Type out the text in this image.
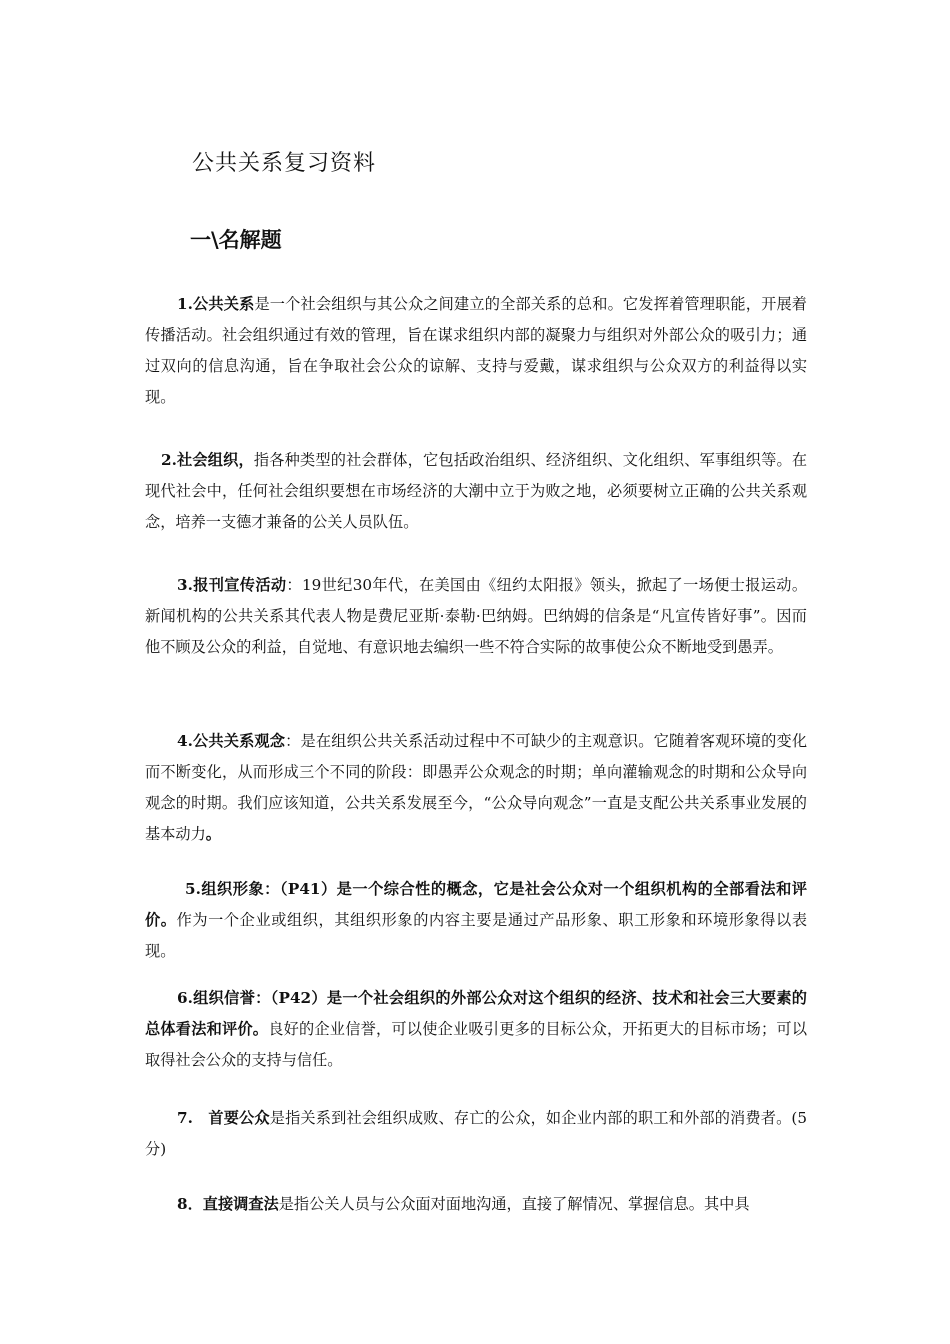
公共关系复习资料
一\名解题
1.公共关系是一个社会组织与其公众之间建立的全部关系的总和。它发挥着管理职能，开展着传播活动。社会组织通过有效的管理，旨在谋求组织内部的凝聚力与组织对外部公众的吸引力；通过双向的信息沟通，旨在争取社会公众的谅解、支持与爱戴，谋求组织与公众双方的利益得以实现。
2.社会组织，指各种类型的社会群体，它包括政治组织、经济组织、文化组织、军事组织等。在现代社会中，任何社会组织要想在市场经济的大潮中立于为败之地，必须要树立正确的公共关系观念，培养一支德才兼备的公关人员队伍。
3.报刊宣传活动：19世纪30年代，在美国由《纽约太阳报》领头，掀起了一场便士报运动。新闻机构的公共关系其代表人物是费尼亚斯·泰勒·巴纳姆。巴纳姆的信条是“凡宣传皆好事”。因而他不顾及公众的利益，自觉地、有意识地去编织一些不符合实际的故事使公众不断地受到愚弄。
4.公共关系观念：是在组织公共关系活动过程中不可缺少的主观意识。它随着客观环境的变化而不断变化，从而形成三个不同的阶段：即愚弄公众观念的时期；单向灌输观念的时期和公众导向观念的时期。我们应该知道，公共关系发展至今，“公众导向观念”一直是支配公共关系事业发展的基本动力。
5.组织形象：（P41）是一个综合性的概念，它是社会公众对一个组织机构的全部看法和评价。作为一个企业或组织，其组织形象的内容主要是通过产品形象、职工形象和环境形象得以表现。
6.组织信誉：（P42）是一个社会组织的外部公众对这个组织的经济、技术和社会三大要素的总体看法和评价。良好的企业信誉，可以使企业吸引更多的目标公众，开拓更大的目标市场；可以取得社会公众的支持与信任。
7.　首要公众是指关系到社会组织成败、存亡的公众，如企业内部的职工和外部的消费者。(5分)
8．直接调查法是指公关人员与公众面对面地沟通，直接了解情况、掌握信息。其中具
